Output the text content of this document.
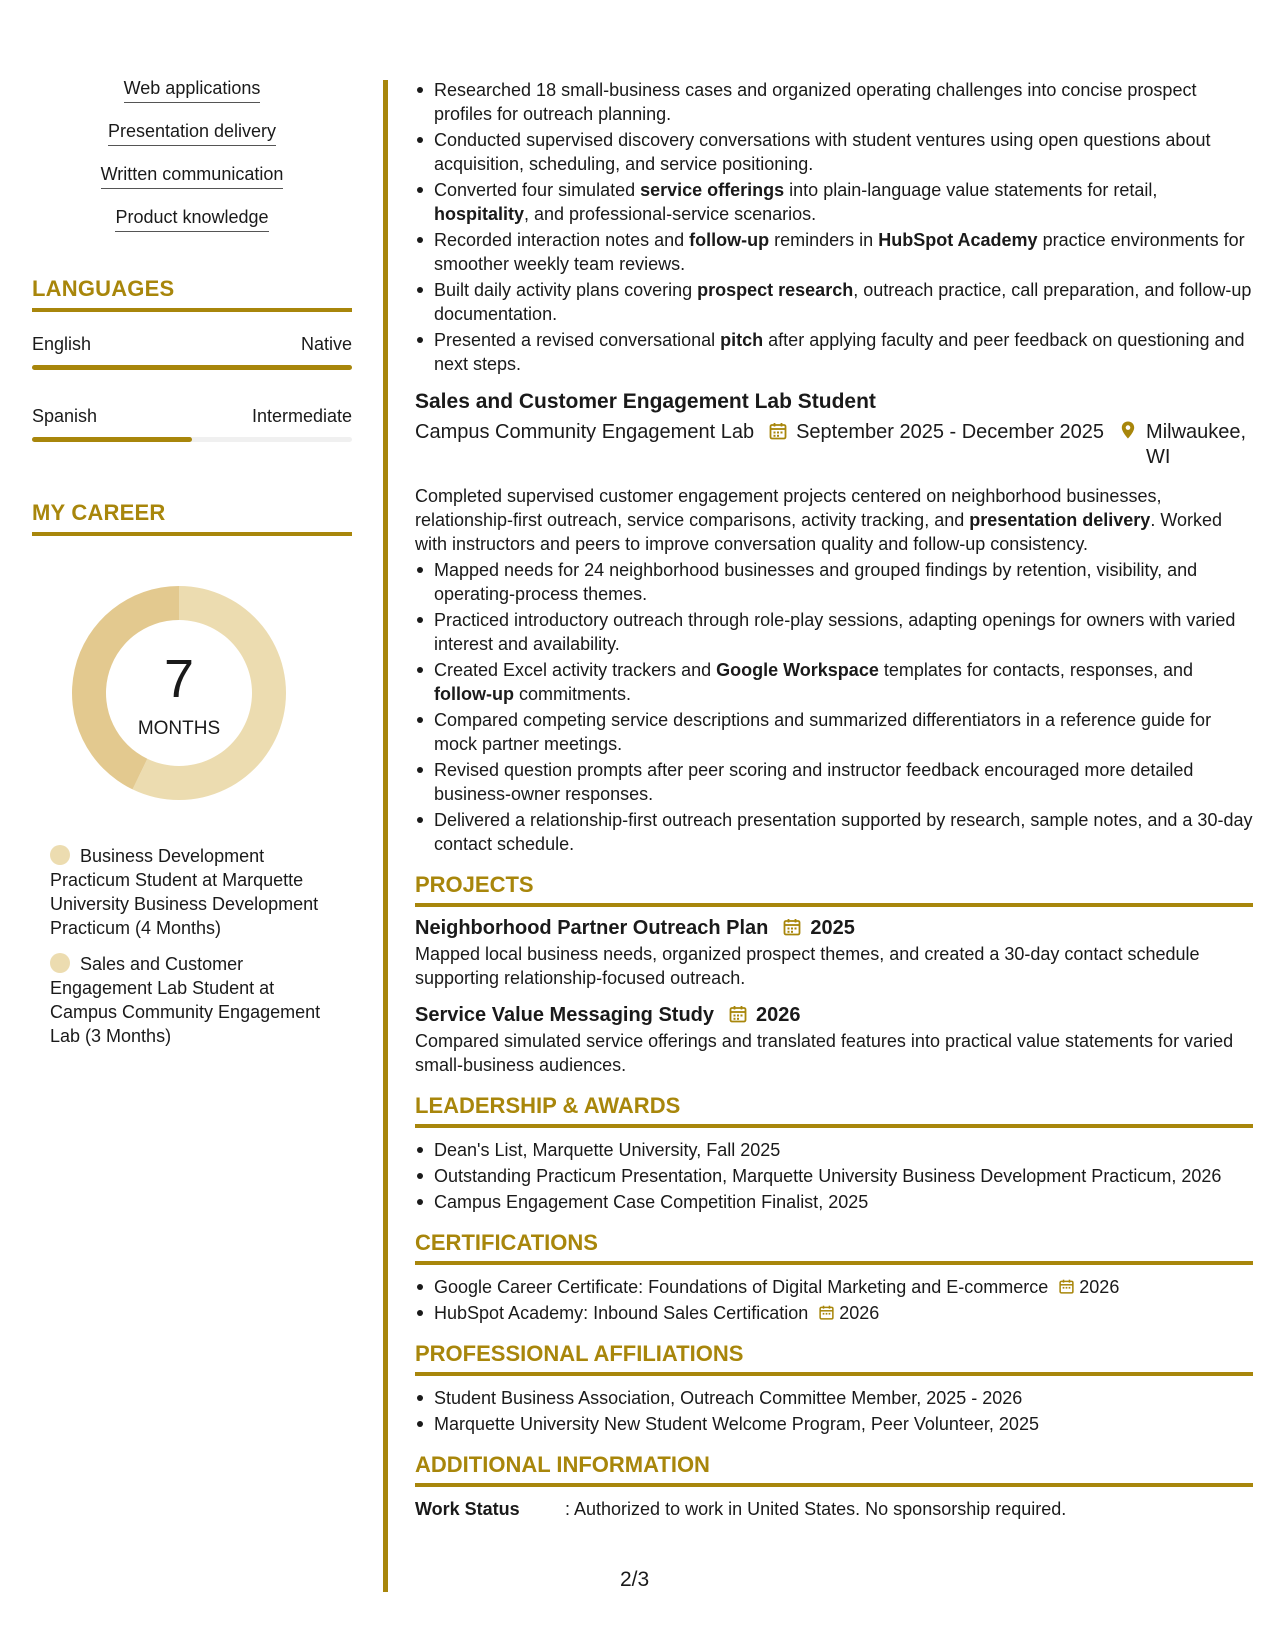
Web applications
Presentation delivery
Written communication
Product knowledge
LANGUAGES
English	Native
Spanish	Intermediate
MY CAREER
7
MONTHS
Business Development Practicum Student at Marquette University Business Development Practicum (4 Months)
Sales and Customer Engagement Lab Student at Campus Community Engagement Lab (3 Months)
Researched 18 small-business cases and organized operating challenges into concise prospect profiles for outreach planning.
Conducted supervised discovery conversations with student ventures using open questions about acquisition, scheduling, and service positioning.
Converted four simulated service offerings into plain-language value statements for retail, hospitality, and professional-service scenarios.
Recorded interaction notes and follow-up reminders in HubSpot Academy practice environments for smoother weekly team reviews.
Built daily activity plans covering prospect research, outreach practice, call preparation, and follow-up documentation.
Presented a revised conversational pitch after applying faculty and peer feedback on questioning and next steps.
Sales and Customer Engagement Lab Student
Campus Community Engagement Lab	September 2025 - December 2025 Milwaukee, WI
Completed supervised customer engagement projects centered on neighborhood businesses, relationship-first outreach, service comparisons, activity tracking, and presentation delivery. Worked with instructors and peers to improve conversation quality and follow-up consistency.
Mapped needs for 24 neighborhood businesses and grouped findings by retention, visibility, and operating-process themes.
Practiced introductory outreach through role-play sessions, adapting openings for owners with varied interest and availability.
Created Excel activity trackers and Google Workspace templates for contacts, responses, and follow-up commitments.
Compared competing service descriptions and summarized differentiators in a reference guide for mock partner meetings.
Revised question prompts after peer scoring and instructor feedback encouraged more detailed business-owner responses.
Delivered a relationship-first outreach presentation supported by research, sample notes, and a 30-day contact schedule.
PROJECTS
Neighborhood Partner Outreach Plan 2025
Mapped local business needs, organized prospect themes, and created a 30-day contact schedule supporting relationship-focused outreach.
Service Value Messaging Study 2026
Compared simulated service offerings and translated features into practical value statements for varied small-business audiences.
LEADERSHIP & AWARDS
Dean's List, Marquette University, Fall 2025
Outstanding Practicum Presentation, Marquette University Business Development Practicum, 2026
Campus Engagement Case Competition Finalist, 2025
CERTIFICATIONS
Google Career Certificate: Foundations of Digital Marketing and E-commerce 2026
HubSpot Academy: Inbound Sales Certification 2026
PROFESSIONAL AFFILIATIONS
Student Business Association, Outreach Committee Member, 2025 - 2026
Marquette University New Student Welcome Program, Peer Volunteer, 2025
ADDITIONAL INFORMATION
Work Status	: Authorized to work in United States. No sponsorship required.
2/3
